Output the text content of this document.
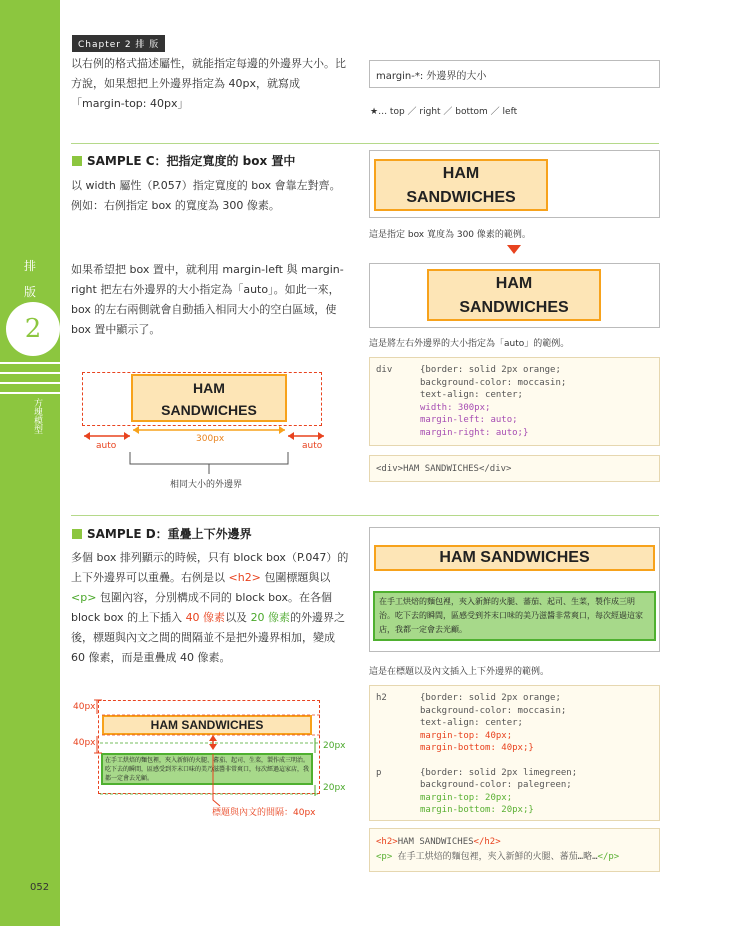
排
版
2
方塊模型
052
Chapter 2 排 版
以右例的格式描述屬性，就能指定每邊的外邊界大小。比方說，如果想把上外邊界指定為 40px，就寫成「margin-top: 40px」
margin-*: 外邊界的大小
★… top ／ right ／ bottom ／ left
SAMPLE C：把指定寬度的 box 置中
以 width 屬性（P.057）指定寬度的 box 會靠左對齊。例如：右例指定 box 的寬度為 300 像素。
HAM
SANDWICHES
這是指定 box 寬度為 300 像素的範例。
如果希望把 box 置中，就利用 margin-left 與 margin-right 把左右外邊界的大小指定為「auto」。如此一來，box 的左右兩側就會自動插入相同大小的空白區域，使 box 置中顯示了。
HAM
SANDWICHES
這是將左右外邊界的大小指定為「auto」的範例。
HAM
SANDWICHES
auto	auto
300px
相同大小的外邊界
div	{border: solid 2px orange;
background-color: moccasin;
text-align: center;
width: 300px;
margin-left: auto;
margin-right: auto;}
<div>HAM SANDWICHES</div>
SAMPLE D：重疊上下外邊界
多個 box 排列顯示的時候，只有 block box（P.047）的上下外邊界可以重疊。右例是以 <h2> 包圍標題與以 <p> 包圍內容，分別構成不同的 block box。在各個 block box 的上下插入 40 像素以及 20 像素的外邊界之後，標題與內文之間的間隔並不是把外邊界相加，變成 60 像素，而是重疊成 40 像素。
HAM SANDWICHES
在手工烘焙的麵包裡，夾入新鮮的火腿、蕃茄、起司、生菜，製作成三明治。吃下去的瞬間，區感受到芥末口味的美乃滋醬非常爽口，每次經過這家店，我都一定會去光顧。
這是在標題以及內文插入上下外邊界的範例。
HAM SANDWICHES
在手工烘焙的麵包裡，夾入新鮮的火腿、蕃茄、起司、生菜，製作成三明治。吃下去的瞬間，區感受到芥末口味的美乃滋醬非常爽口，每次經過這家店，我都一定會去光顧。
40px
40px	20px
20px
標題與內文的間隔：40px
h2	{border: solid 2px orange;
background-color: moccasin;
text-align: center;
margin-top: 40px;
margin-bottom: 40px;}
p	{border: solid 2px limegreen;
background-color: palegreen;
margin-top: 20px;
margin-bottom: 20px;}
<h2>HAM SANDWICHES</h2>
<p> 在手工烘焙的麵包裡，夾入新鮮的火腿、蕃茄…略…</p>
